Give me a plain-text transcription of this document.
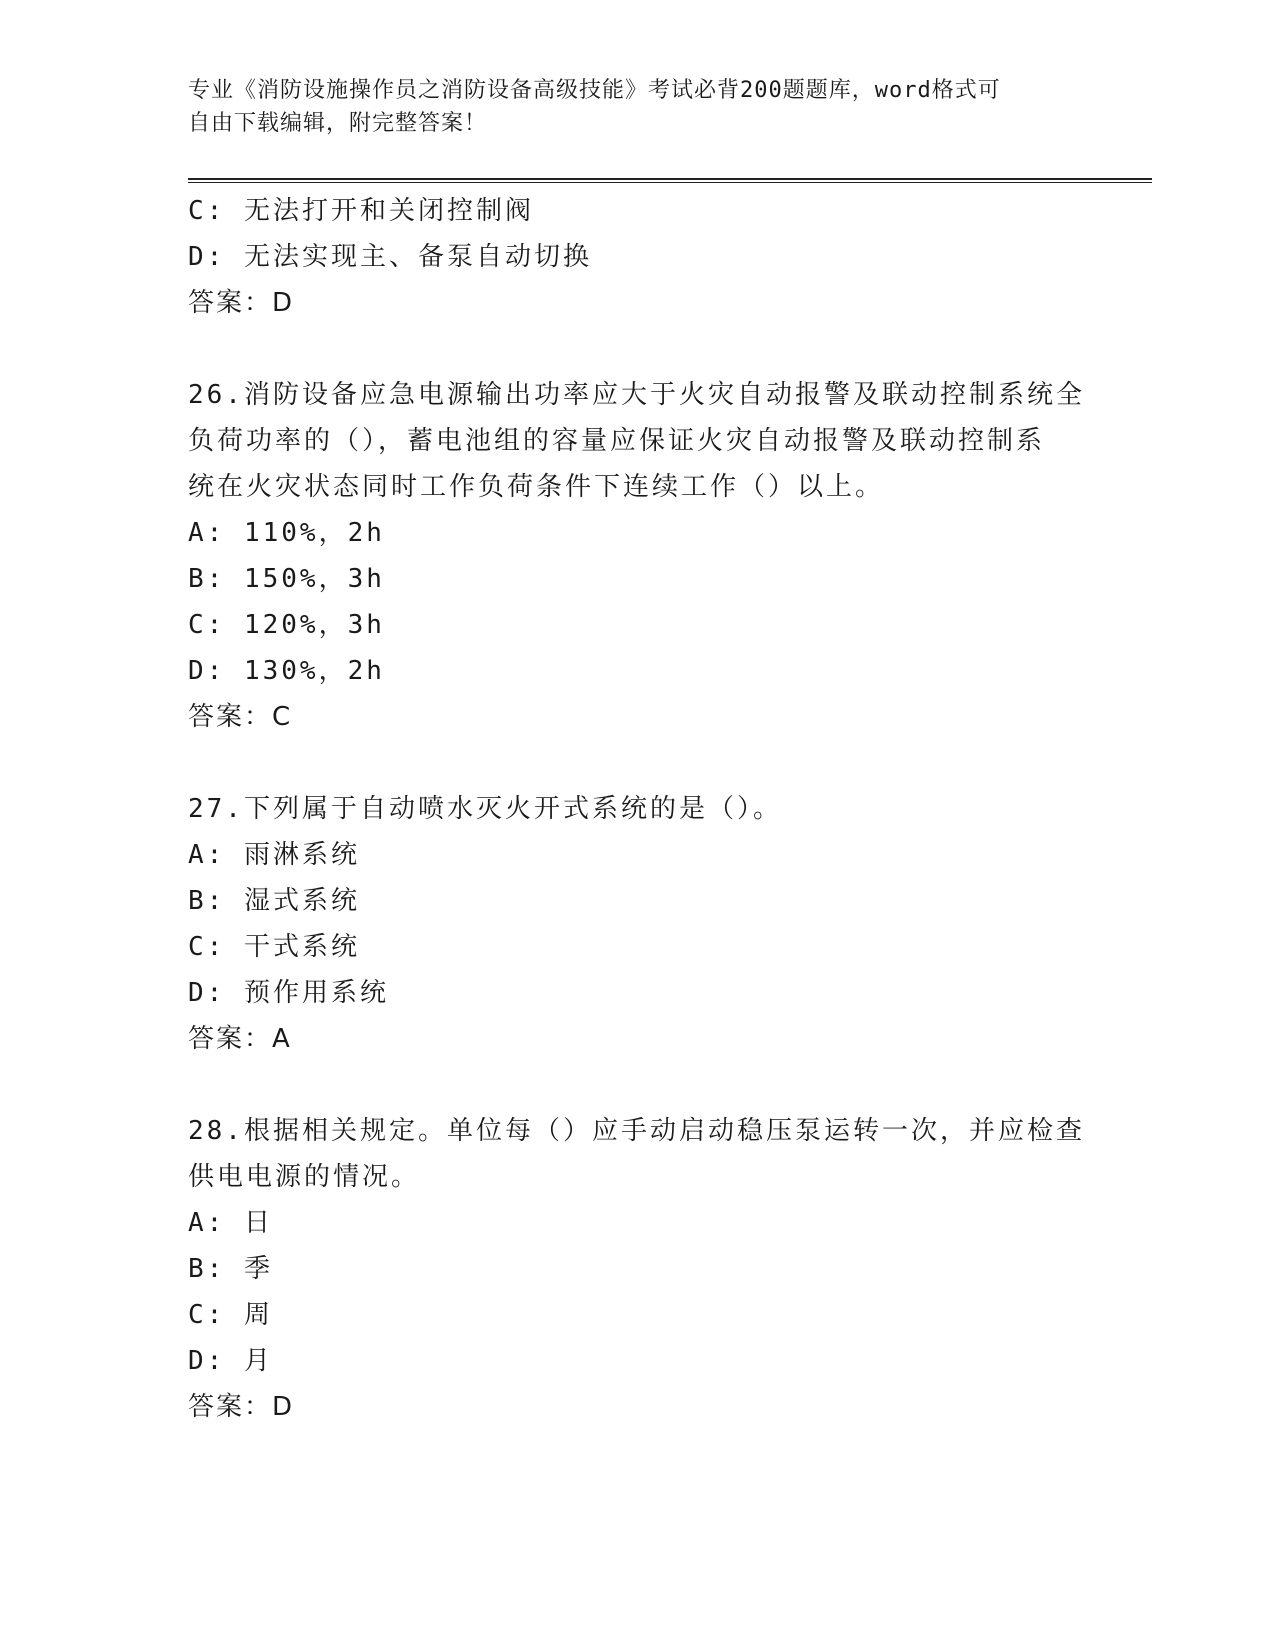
专业《消防设施操作员之消防设备高级技能》考试必背200题题库，word格式可
自由下载编辑，附完整答案！
C: 无法打开和关闭控制阀
D: 无法实现主、备泵自动切换
答案：D
26.消防设备应急电源输出功率应大于火灾自动报警及联动控制系统全
负荷功率的（），蓄电池组的容量应保证火灾自动报警及联动控制系
统在火灾状态同时工作负荷条件下连续工作（）以上。
A: 110%，2h
B: 150%，3h
C: 120%，3h
D: 130%，2h
答案：C
27.下列属于自动喷水灭火开式系统的是（）。
A: 雨淋系统
B: 湿式系统
C: 干式系统
D: 预作用系统
答案：A
28.根据相关规定。单位每（）应手动启动稳压泵运转一次，并应检查
供电电源的情况。
A: 日
B: 季
C: 周
D: 月
答案：D
